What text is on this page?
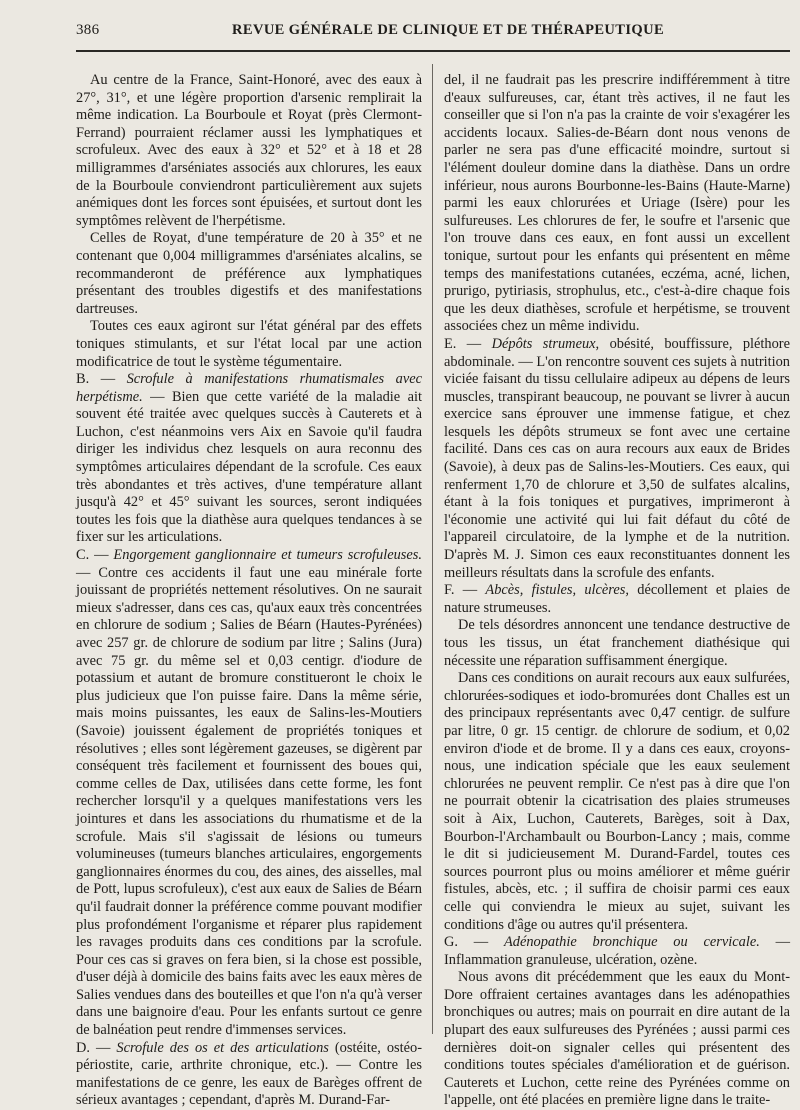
386	REVUE GÉNÉRALE DE CLINIQUE ET DE THÉRAPEUTIQUE

Au centre de la France, Saint-Honoré, avec des eaux à 27°, 31°, et une légère proportion d'arsenic remplirait la même indication. La Bourboule et Royat (près Clermont-Ferrand) pourraient réclamer aussi les lymphatiques et scrofuleux. Avec des eaux à 32° et 52° et à 18 et 28 milligrammes d'arséniates associés aux chlorures, les eaux de la Bourboule conviendront particulièrement aux sujets anémiques dont les forces sont épuisées, et surtout dont les symptômes relèvent de l'herpétisme.

Celles de Royat, d'une température de 20 à 35° et ne contenant que 0,004 milligrammes d'arséniates alcalins, se recommanderont de préférence aux lymphatiques présentant des troubles digestifs et des manifestations dartreuses.

Toutes ces eaux agiront sur l'état général par des effets toniques stimulants, et sur l'état local par une action modificatrice de tout le système tégumentaire.

B. — Scrofule à manifestations rhumatismales avec herpétisme. — Bien que cette variété de la maladie ait souvent été traitée avec quelques succès à Cauterets et à Luchon, c'est néanmoins vers Aix en Savoie qu'il faudra diriger les individus chez lesquels on aura reconnu des symptômes articulaires dépendant de la scrofule. Ces eaux très abondantes et très actives, d'une température allant jusqu'à 42° et 45° suivant les sources, seront indiquées toutes les fois que la diathèse aura quelques tendances à se fixer sur les articulations.

C. — Engorgement ganglionnaire et tumeurs scrofuleuses. — Contre ces accidents il faut une eau minérale forte jouissant de propriétés nettement résolutives. On ne saurait mieux s'adresser, dans ces cas, qu'aux eaux très concentrées en chlorure de sodium ; Salies de Béarn (Hautes-Pyrénées) avec 257 gr. de chlorure de sodium par litre ; Salins (Jura) avec 75 gr. du même sel et 0,03 centigr. d'iodure de potassium et autant de bromure constitueront le choix le plus judicieux que l'on puisse faire. Dans la même série, mais moins puissantes, les eaux de Salins-les-Moutiers (Savoie) jouissent également de propriétés toniques et résolutives ; elles sont légèrement gazeuses, se digèrent par conséquent très facilement et fournissent des boues qui, comme celles de Dax, utilisées dans cette forme, les font rechercher lorsqu'il y a quelques manifestations vers les jointures et dans les associations du rhumatisme et de la scrofule. Mais s'il s'agissait de lésions ou tumeurs volumineuses (tumeurs blanches articulaires, engorgements ganglionnaires énormes du cou, des aines, des aisselles, mal de Pott, lupus scrofuleux), c'est aux eaux de Salies de Béarn qu'il faudrait donner la préférence comme pouvant modifier plus profondément l'organisme et réparer plus rapidement les ravages produits dans ces conditions par la scrofule. Pour ces cas si graves on fera bien, si la chose est possible, d'user déjà à domicile des bains faits avec les eaux mères de Salies vendues dans des bouteilles et que l'on n'a qu'à verser dans une baignoire d'eau. Pour les enfants surtout ce genre de balnéation peut rendre d'immenses services.

D. — Scrofule des os et des articulations (ostéite, ostéo-périostite, carie, arthrite chronique, etc.). — Contre les manifestations de ce genre, les eaux de Barèges offrent de sérieux avantages ; cependant, d'après M. Durand-Far-

del, il ne faudrait pas les prescrire indifféremment à titre d'eaux sulfureuses, car, étant très actives, il ne faut les conseiller que si l'on n'a pas la crainte de voir s'exagérer les accidents locaux. Salies-de-Béarn dont nous venons de parler ne sera pas d'une efficacité moindre, surtout si l'élément douleur domine dans la diathèse. Dans un ordre inférieur, nous aurons Bourbonne-les-Bains (Haute-Marne) parmi les eaux chlorurées et Uriage (Isère) pour les sulfureuses. Les chlorures de fer, le soufre et l'arsenic que l'on trouve dans ces eaux, en font aussi un excellent tonique, surtout pour les enfants qui présentent en même temps des manifestations cutanées, eczéma, acné, lichen, prurigo, pytiriasis, strophulus, etc., c'est-à-dire chaque fois que les deux diathèses, scrofule et herpétisme, se trouvent associées chez un même individu.

E. — Dépôts strumeux, obésité, bouffissure, pléthore abdominale. — L'on rencontre souvent ces sujets à nutrition viciée faisant du tissu cellulaire adipeux au dépens de leurs muscles, transpirant beaucoup, ne pouvant se livrer à aucun exercice sans éprouver une immense fatigue, et chez lesquels les dépôts strumeux se font avec une certaine facilité. Dans ces cas on aura recours aux eaux de Brides (Savoie), à deux pas de Salins-les-Moutiers. Ces eaux, qui renferment 1,70 de chlorure et 3,50 de sulfates alcalins, étant à la fois toniques et purgatives, imprimeront à l'économie une activité qui lui fait défaut du côté de l'appareil circulatoire, de la lymphe et de la nutrition. D'après M. J. Simon ces eaux reconstituantes donnent les meilleurs résultats dans la scrofule des enfants.

F. — Abcès, fistules, ulcères, décollement et plaies de nature strumeuses.

De tels désordres annoncent une tendance destructive de tous les tissus, un état franchement diathésique qui nécessite une réparation suffisamment énergique.

Dans ces conditions on aurait recours aux eaux sulfurées, chlorurées-sodiques et iodo-bromurées dont Challes est un des principaux représentants avec 0,47 centigr. de sulfure par litre, 0 gr. 15 centigr. de chlorure de sodium, et 0,02 environ d'iode et de brome. Il y a dans ces eaux, croyons-nous, une indication spéciale que les eaux seulement chlorurées ne peuvent remplir. Ce n'est pas à dire que l'on ne pourrait obtenir la cicatrisation des plaies strumeuses soit à Aix, Luchon, Cauterets, Barèges, soit à Dax, Bourbon-l'Archambault ou Bourbon-Lancy ; mais, comme le dit si judicieusement M. Durand-Fardel, toutes ces sources pourront plus ou moins améliorer et même guérir fistules, abcès, etc. ; il suffira de choisir parmi ces eaux celle qui conviendra le mieux au sujet, suivant les conditions d'âge ou autres qu'il présentera.

G. — Adénopathie bronchique ou cervicale. — Inflammation granuleuse, ulcération, ozène.

Nous avons dit précédemment que les eaux du Mont-Dore offraient certaines avantages dans les adénopathies bronchiques ou autres; mais on pourrait en dire autant de la plupart des eaux sulfureuses des Pyrénées ; aussi parmi ces dernières doit-on signaler celles qui présentent des conditions toutes spéciales d'amélioration et de guérison. Cauterets et Luchon, cette reine des Pyrénées comme on l'appelle, ont été placées en première ligne dans le traite-
